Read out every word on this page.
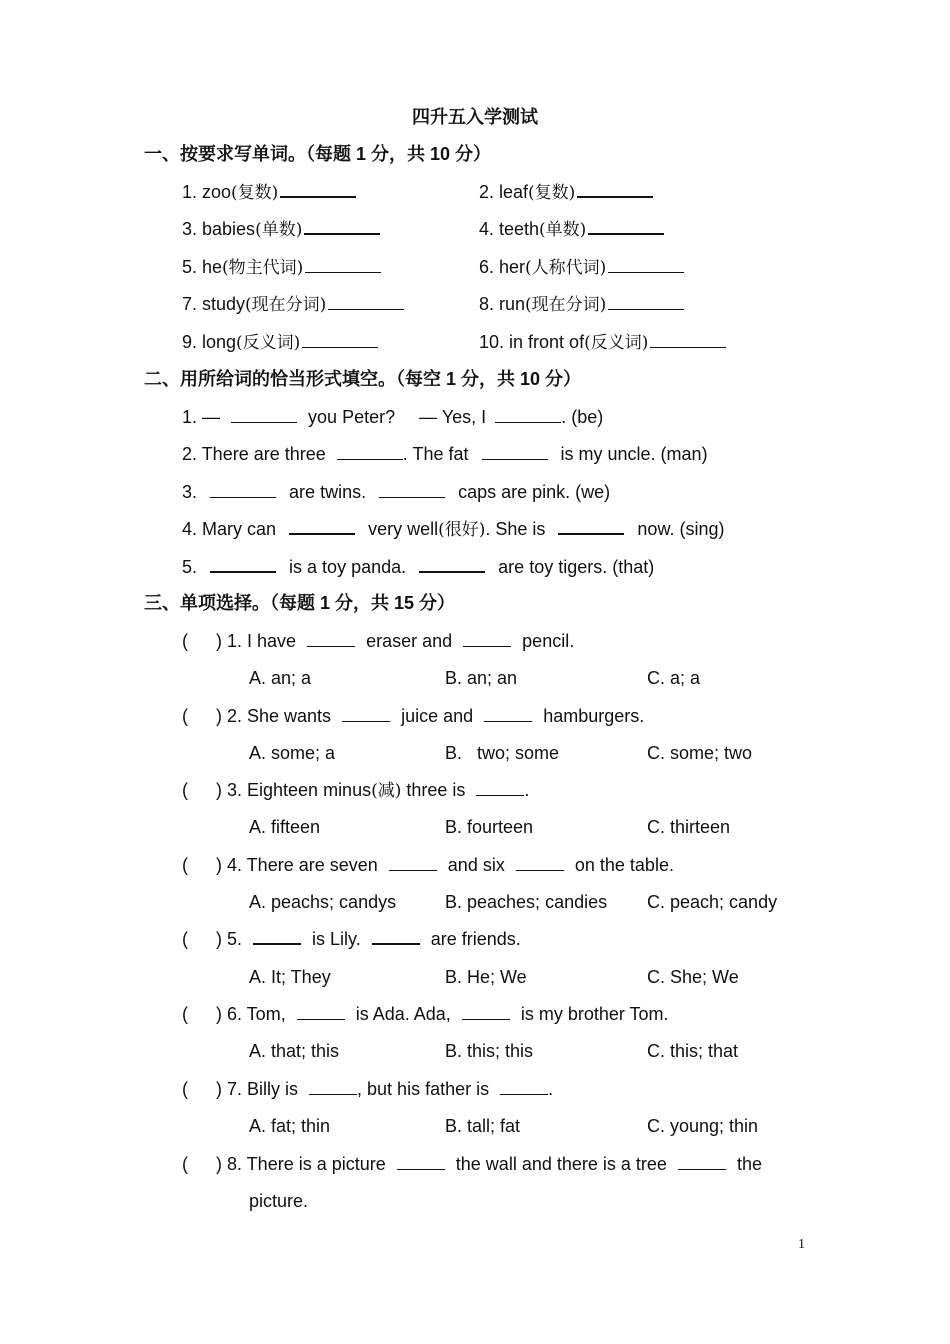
四升五入学测试
一、按要求写单词。（每题 1 分，共 10 分）
1. zoo(复数)	2. leaf(复数)
3. babies(单数)	4. teeth(单数)
5. he(物主代词)	6. her(人称代词)
7. study(现在分词)	8. run(现在分词)
9. long(反义词)	10. in front of(反义词)
二、用所给词的恰当形式填空。（每空 1 分，共 10 分）
1. —	you Peter? — Yes, I	. (be)
2. There are three	. The fat	is my uncle. (man)
3.	are twins.	caps are pink. (we)
4. Mary can	very well(很好). She is	now. (sing)
5.	is a toy panda.	are toy tigers. (that)
三、单项选择。（每题 1 分，共 15 分）
( ) 1. I have	eraser and	pencil.
A. an; a	B. an; an	C. a; a
( ) 2. She wants	juice and	hamburgers.
A. some; a	B.   two; some	C. some; two
( ) 3. Eighteen minus(减) three is	.
A. fifteen	B. fourteen	C. thirteen
( ) 4. There are seven	and six	on the table.
A. peachs; candys	B. peaches; candies C. peach; candy
( ) 5.	is Lily.	are friends.
A. It; They	B. He; We	C. She; We
( ) 6. Tom,	is Ada. Ada,	is my brother Tom.
A. that; this	B. this; this	C. this; that
( ) 7. Billy is	, but his father is	.
A. fat; thin	B. tall; fat	C. young; thin
( ) 8. There is a picture	the wall and there is a tree	the
picture.
1
